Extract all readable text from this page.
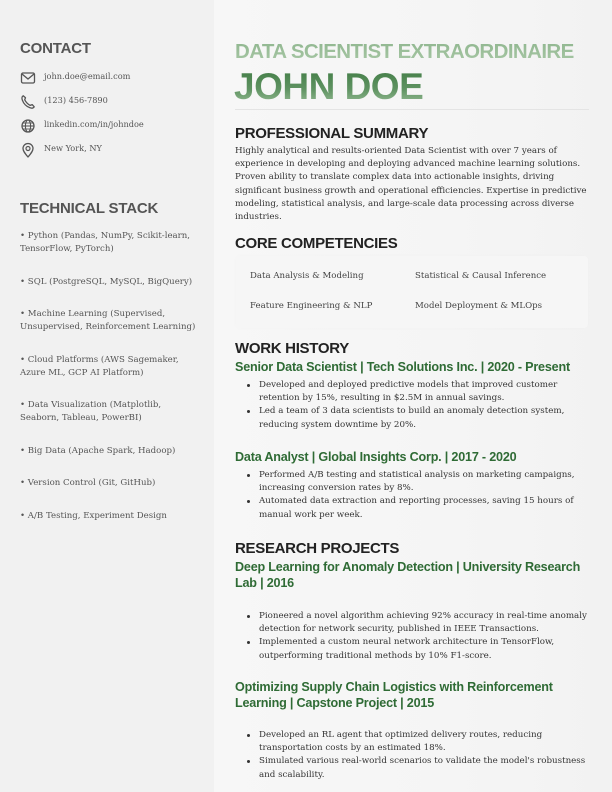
CONTACT
john.doe@email.com
(123) 456-7890
linkedin.com/in/johndoe
New York, NY
TECHNICAL STACK
• Python (Pandas, NumPy, Scikit-learn, TensorFlow, PyTorch)
• SQL (PostgreSQL, MySQL, BigQuery)
• Machine Learning (Supervised, Unsupervised, Reinforcement Learning)
• Cloud Platforms (AWS Sagemaker, Azure ML, GCP AI Platform)
• Data Visualization (Matplotlib, Seaborn, Tableau, PowerBI)
• Big Data (Apache Spark, Hadoop)
• Version Control (Git, GitHub)
• A/B Testing, Experiment Design
DATA SCIENTIST EXTRAORDINAIRE
JOHN DOE
PROFESSIONAL SUMMARY

Highly analytical and results-oriented Data Scientist with over 7 years of experience in developing and deploying advanced machine learning solutions. Proven ability to translate complex data into actionable insights, driving significant business growth and operational efficiencies. Expertise in predictive modeling, statistical analysis, and large-scale data processing across diverse industries.

CORE COMPETENCIES
Data Analysis & Modeling	Statistical & Causal Inference
Feature Engineering & NLP	Model Deployment & MLOps
WORK HISTORY
Senior Data Scientist | Tech Solutions Inc. | 2020 - Present
Developed and deployed predictive models that improved customer retention by 15%, resulting in $2.5M in annual savings.
Led a team of 3 data scientists to build an anomaly detection system, reducing system downtime by 20%.
Data Analyst | Global Insights Corp. | 2017 - 2020
Performed A/B testing and statistical analysis on marketing campaigns, increasing conversion rates by 8%.
Automated data extraction and reporting processes, saving 15 hours of manual work per week.
RESEARCH PROJECTS
Deep Learning for Anomaly Detection | University Research Lab | 2016
Pioneered a novel algorithm achieving 92% accuracy in real-time anomaly detection for network security, published in IEEE Transactions.
Implemented a custom neural network architecture in TensorFlow, outperforming traditional methods by 10% F1-score.
Optimizing Supply Chain Logistics with Reinforcement Learning | Capstone Project | 2015
Developed an RL agent that optimized delivery routes, reducing transportation costs by an estimated 18%.
Simulated various real-world scenarios to validate the model's robustness and scalability.
